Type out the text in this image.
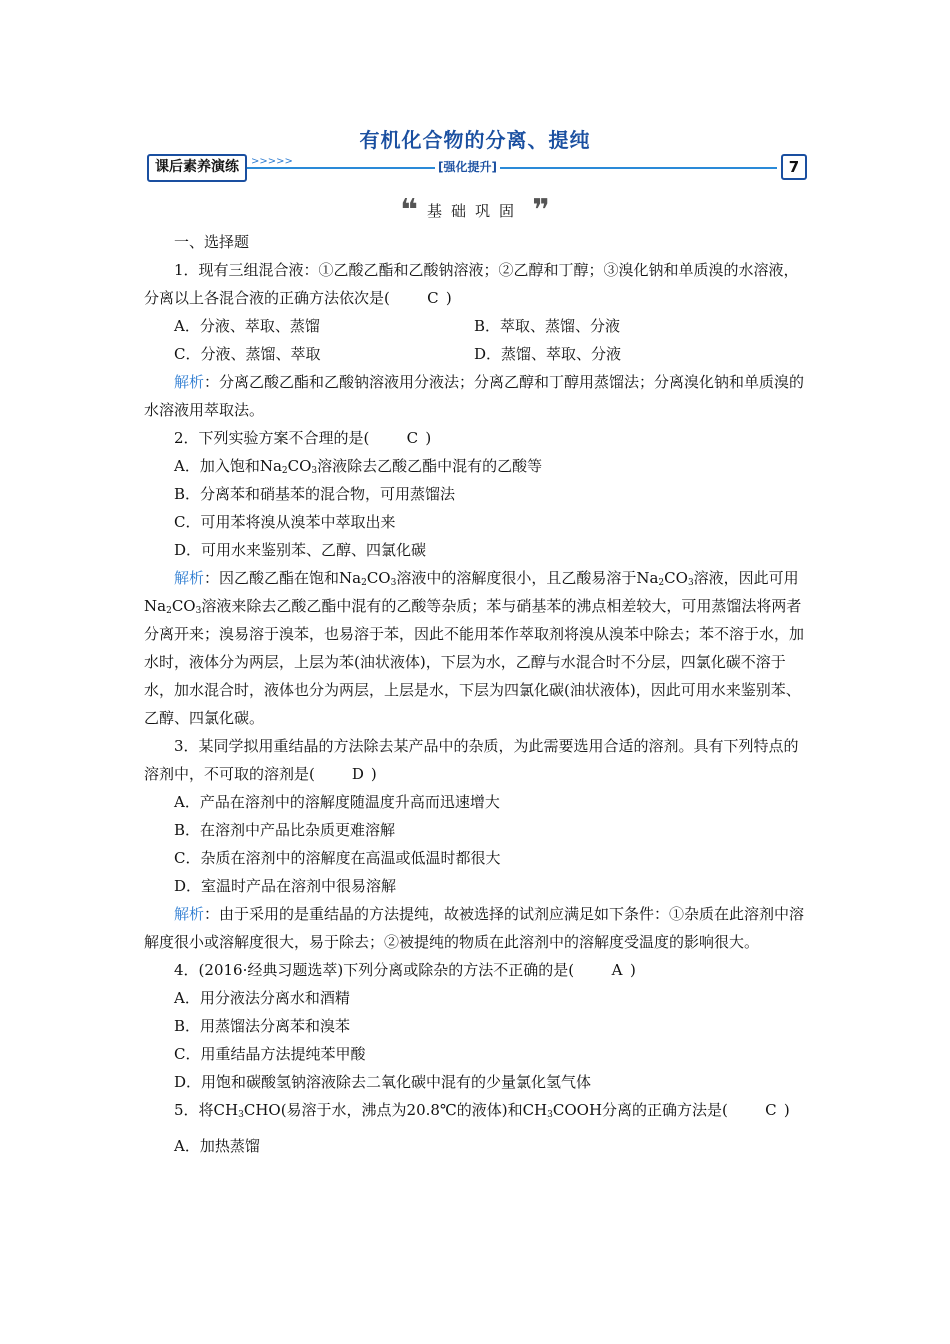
有机化合物的分离、提纯
课后素养演练	>>>>>	[强化提升]	7
❝ 基础巩固 ❞

一、选择题

1．现有三组混合液：①乙酸乙酯和乙酸钠溶液；②乙醇和丁醇；③溴化钠和单质溴的水溶液，分离以上各混合液的正确方法依次是( C )

A．分液、萃取、蒸馏	B．萃取、蒸馏、分液
C．分液、蒸馏、萃取	D．蒸馏、萃取、分液

解析：分离乙酸乙酯和乙酸钠溶液用分液法；分离乙醇和丁醇用蒸馏法；分离溴化钠和单质溴的水溶液用萃取法。

2．下列实验方案不合理的是( C )

A．加入饱和$Na_2CO_3$溶液除去乙酸乙酯中混有的乙酸等

B．分离苯和硝基苯的混合物，可用蒸馏法

C．可用苯将溴从溴苯中萃取出来

D．可用水来鉴别苯、乙醇、四氯化碳

解析：因乙酸乙酯在饱和$Na_2CO_3$溶液中的溶解度很小，且乙酸易溶于$Na_2CO_3$溶液，因此可用$Na_2CO_3$溶液来除去乙酸乙酯中混有的乙酸等杂质；苯与硝基苯的沸点相差较大，可用蒸馏法将两者分离开来；溴易溶于溴苯，也易溶于苯，因此不能用苯作萃取剂将溴从溴苯中除去；苯不溶于水，加水时，液体分为两层，上层为苯(油状液体)，下层为水，乙醇与水混合时不分层，四氯化碳不溶于水，加水混合时，液体也分为两层，上层是水，下层为四氯化碳(油状液体)，因此可用水来鉴别苯、乙醇、四氯化碳。

3．某同学拟用重结晶的方法除去某产品中的杂质，为此需要选用合适的溶剂。具有下列特点的溶剂中，不可取的溶剂是( D )

A．产品在溶剂中的溶解度随温度升高而迅速增大

B．在溶剂中产品比杂质更难溶解

C．杂质在溶剂中的溶解度在高温或低温时都很大

D．室温时产品在溶剂中很易溶解

解析：由于采用的是重结晶的方法提纯，故被选择的试剂应满足如下条件：①杂质在此溶剂中溶解度很小或溶解度很大，易于除去；②被提纯的物质在此溶剂中的溶解度受温度的影响很大。

4．(2016·经典习题选萃)下列分离或除杂的方法不正确的是(	A )

A．用分液法分离水和酒精

B．用蒸馏法分离苯和溴苯

C．用重结晶方法提纯苯甲酸

D．用饱和碳酸氢钠溶液除去二氧化碳中混有的少量氯化氢气体

5．将$CH_3CHO$(易溶于水，沸点为20.8℃的液体)和$CH_3COOH$分离的正确方法是( C )

A．加热蒸馏
